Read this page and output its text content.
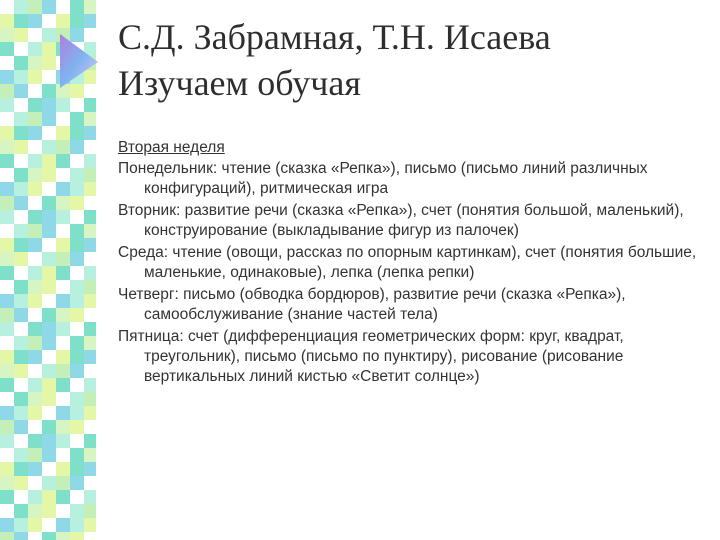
С.Д. Забрамная, Т.Н. Исаева
Изучаем обучая
Вторая неделя
Понедельник: чтение (сказка «Репка»), письмо (письмо линий различных конфигураций), ритмическая игра
Вторник: развитие речи (сказка «Репка»), счет (понятия большой, маленький), конструирование (выкладывание фигур из палочек)
Среда: чтение (овощи, рассказ по опорным картинкам), счет (понятия большие, маленькие, одинаковые), лепка (лепка репки)
Четверг: письмо (обводка бордюров), развитие речи (сказка «Репка»), самообслуживание (знание частей тела)
Пятница: счет (дифференциация геометрических форм: круг, квадрат, треугольник), письмо (письмо по пунктиру), рисование (рисование вертикальных линий кистью «Светит солнце»)
